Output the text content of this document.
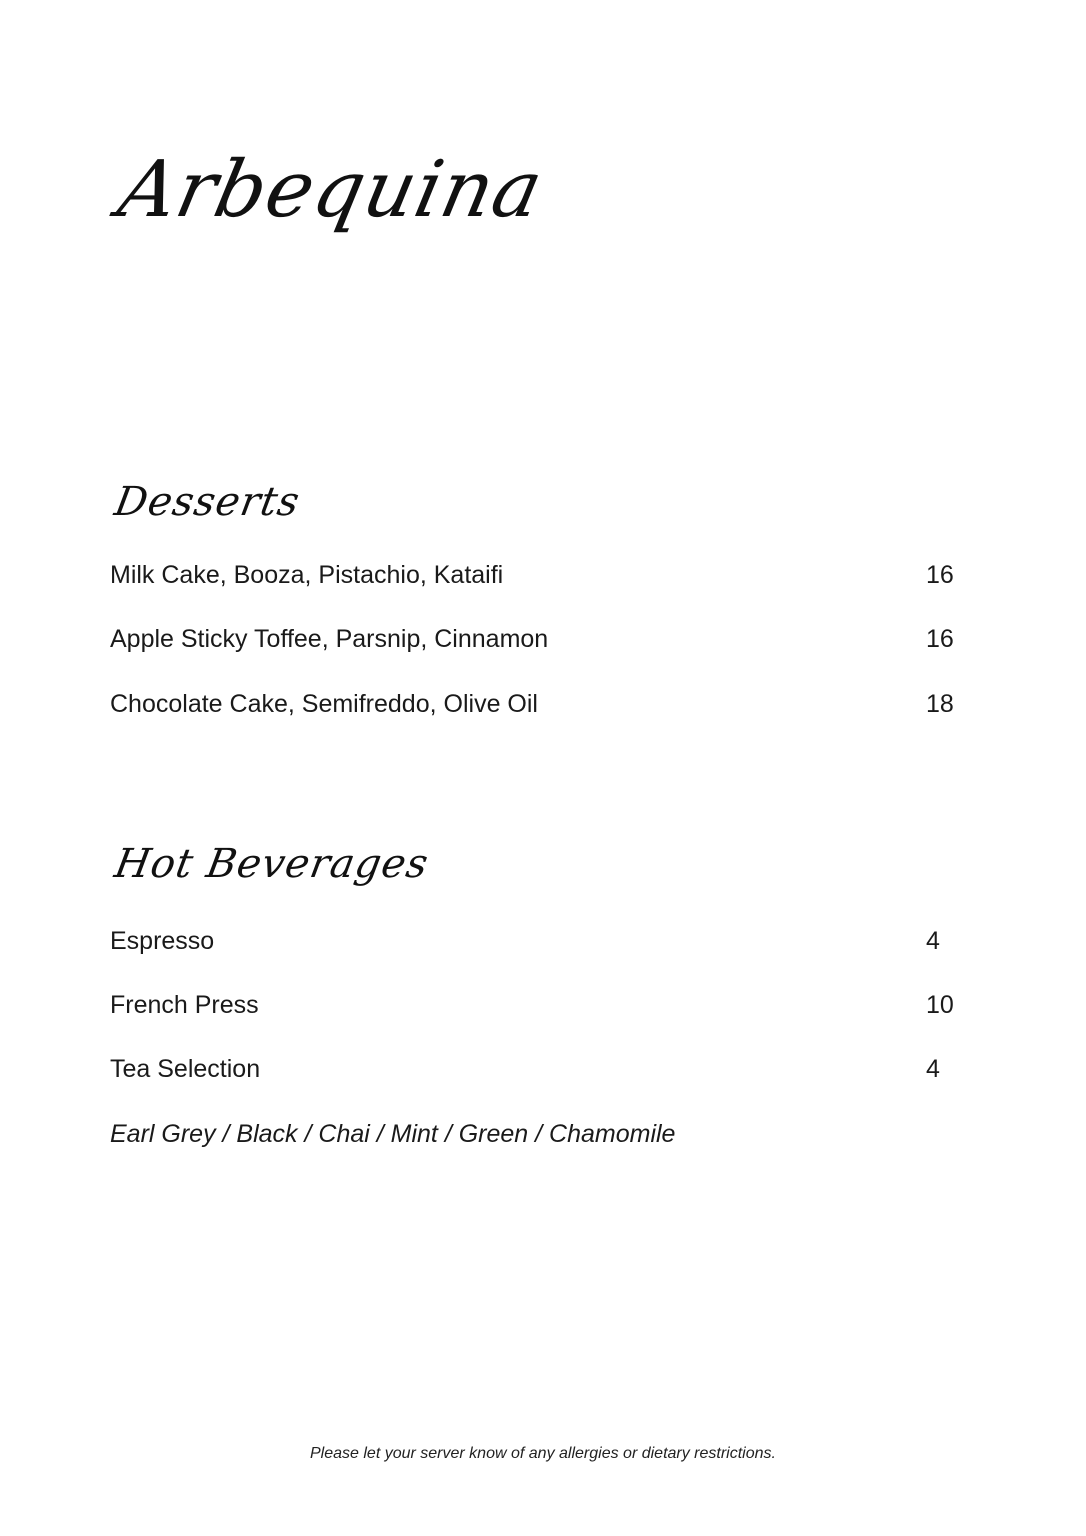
Arbequina
Desserts
Milk Cake, Booza, Pistachio, Kataifi	16
Apple Sticky Toffee, Parsnip, Cinnamon	16
Chocolate Cake, Semifreddo, Olive Oil	18
Hot Beverages
Espresso	4
French Press	10
Tea Selection	4
Earl Grey / Black / Chai / Mint / Green / Chamomile
Please let your server know of any allergies or dietary restrictions.
